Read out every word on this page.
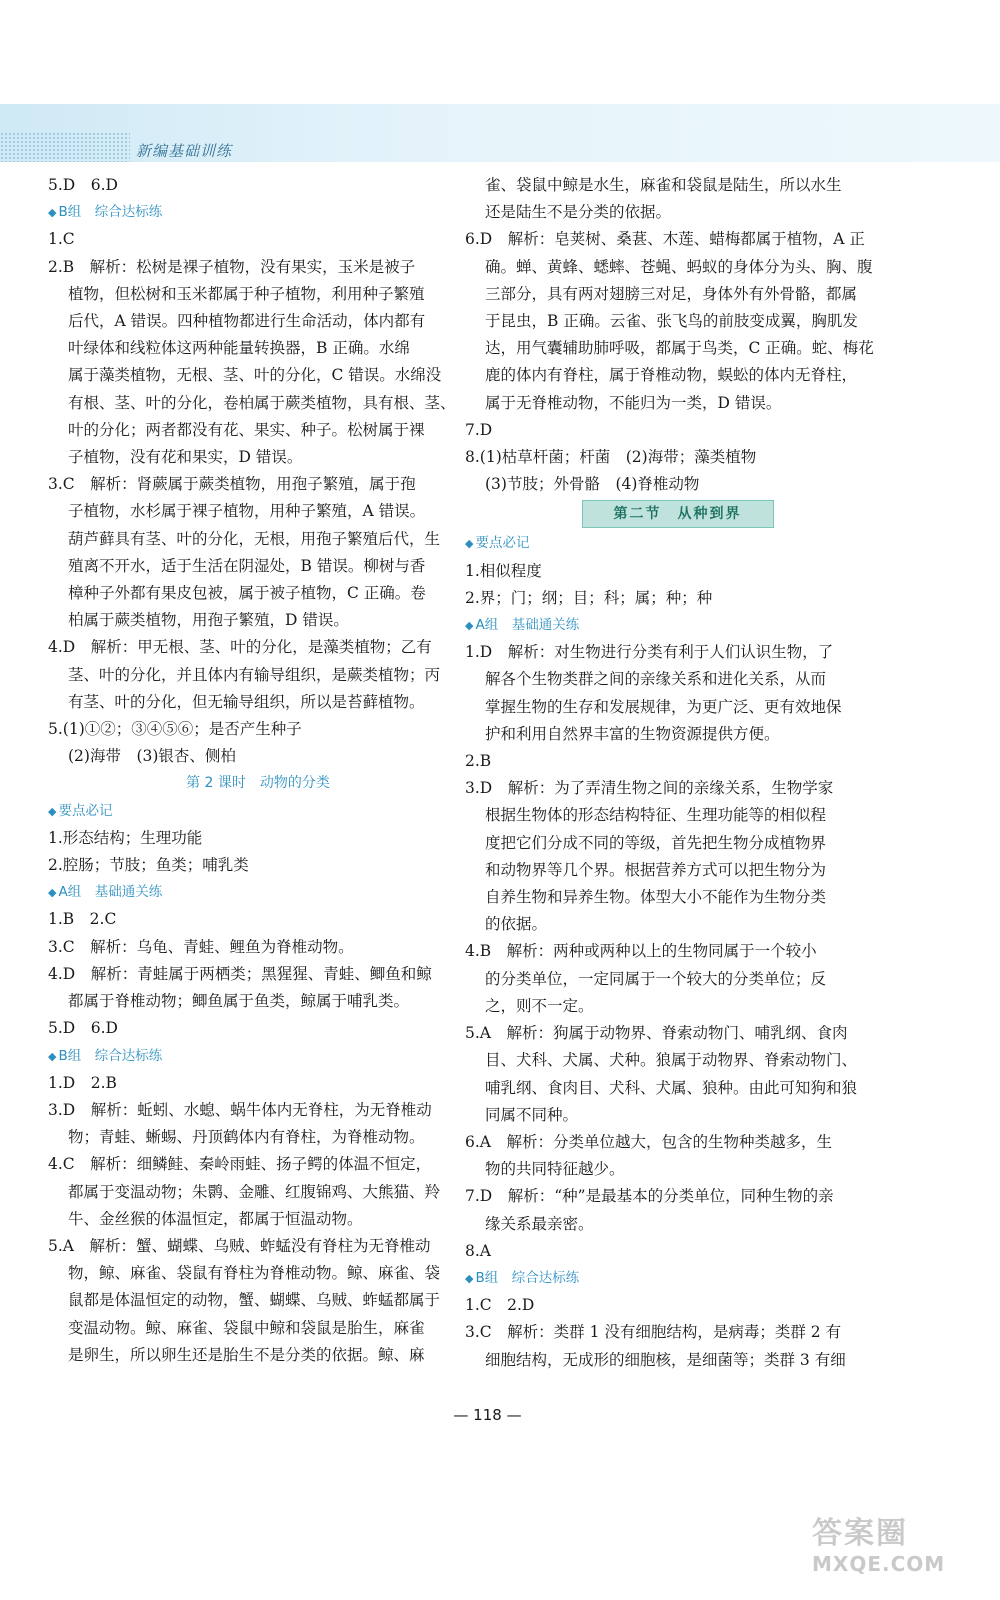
新编基础训练
5.D　6.D
◆ B组　综合达标练
1.C
2.B　解析：松树是裸子植物，没有果实，玉米是被子
植物，但松树和玉米都属于种子植物，利用种子繁殖
后代，A 错误。四种植物都进行生命活动，体内都有
叶绿体和线粒体这两种能量转换器，B 正确。水绵
属于藻类植物，无根、茎、叶的分化，C 错误。水绵没
有根、茎、叶的分化，卷柏属于蕨类植物，具有根、茎、
叶的分化；两者都没有花、果实、种子。松树属于裸
子植物，没有花和果实，D 错误。
3.C　解析：肾蕨属于蕨类植物，用孢子繁殖，属于孢
子植物，水杉属于裸子植物，用种子繁殖，A 错误。
葫芦藓具有茎、叶的分化，无根，用孢子繁殖后代，生
殖离不开水，适于生活在阴湿处，B 错误。柳树与香
樟种子外都有果皮包被，属于被子植物，C 正确。卷
柏属于蕨类植物，用孢子繁殖，D 错误。
4.D　解析：甲无根、茎、叶的分化，是藻类植物；乙有
茎、叶的分化，并且体内有输导组织，是蕨类植物；丙
有茎、叶的分化，但无输导组织，所以是苔藓植物。
5.(1)①②；③④⑤⑥；是否产生种子
(2)海带　(3)银杏、侧柏
第 2 课时　动物的分类
◆ 要点必记
1.形态结构；生理功能
2.腔肠；节肢；鱼类；哺乳类
◆ A组　基础通关练
1.B　2.C
3.C　解析：乌龟、青蛙、鲤鱼为脊椎动物。
4.D　解析：青蛙属于两栖类；黑猩猩、青蛙、鲫鱼和鲸
都属于脊椎动物；鲫鱼属于鱼类，鲸属于哺乳类。
5.D　6.D
◆ B组　综合达标练
1.D　2.B
3.D　解析：蚯蚓、水螅、蜗牛体内无脊柱，为无脊椎动
物；青蛙、蜥蜴、丹顶鹤体内有脊柱，为脊椎动物。
4.C　解析：细鳞鲑、秦岭雨蛙、扬子鳄的体温不恒定，
都属于变温动物；朱鹮、金雕、红腹锦鸡、大熊猫、羚
牛、金丝猴的体温恒定，都属于恒温动物。
5.A　解析：蟹、蝴蝶、乌贼、蚱蜢没有脊柱为无脊椎动
物，鲸、麻雀、袋鼠有脊柱为脊椎动物。鲸、麻雀、袋
鼠都是体温恒定的动物，蟹、蝴蝶、乌贼、蚱蜢都属于
变温动物。鲸、麻雀、袋鼠中鲸和袋鼠是胎生，麻雀
是卵生，所以卵生还是胎生不是分类的依据。鲸、麻
雀、袋鼠中鲸是水生，麻雀和袋鼠是陆生，所以水生
还是陆生不是分类的依据。
6.D　解析：皂荚树、桑葚、木莲、蜡梅都属于植物，A 正
确。蝉、黄蜂、蟋蟀、苍蝇、蚂蚁的身体分为头、胸、腹
三部分，具有两对翅膀三对足，身体外有外骨骼，都属
于昆虫，B 正确。云雀、张飞鸟的前肢变成翼，胸肌发
达，用气囊辅助肺呼吸，都属于鸟类，C 正确。蛇、梅花
鹿的体内有脊柱，属于脊椎动物，蜈蚣的体内无脊柱，
属于无脊椎动物，不能归为一类，D 错误。
7.D
8.(1)枯草杆菌；杆菌　(2)海带；藻类植物
(3)节肢；外骨骼　(4)脊椎动物
第二节　从种到界
◆ 要点必记
1.相似程度
2.界；门；纲；目；科；属；种；种
◆ A组　基础通关练
1.D　解析：对生物进行分类有利于人们认识生物，了
解各个生物类群之间的亲缘关系和进化关系，从而
掌握生物的生存和发展规律，为更广泛、更有效地保
护和利用自然界丰富的生物资源提供方便。
2.B
3.D　解析：为了弄清生物之间的亲缘关系，生物学家
根据生物体的形态结构特征、生理功能等的相似程
度把它们分成不同的等级，首先把生物分成植物界
和动物界等几个界。根据营养方式可以把生物分为
自养生物和异养生物。体型大小不能作为生物分类
的依据。
4.B　解析：两种或两种以上的生物同属于一个较小
的分类单位，一定同属于一个较大的分类单位；反
之，则不一定。
5.A　解析：狗属于动物界、脊索动物门、哺乳纲、食肉
目、犬科、犬属、犬种。狼属于动物界、脊索动物门、
哺乳纲、食肉目、犬科、犬属、狼种。由此可知狗和狼
同属不同种。
6.A　解析：分类单位越大，包含的生物种类越多，生
物的共同特征越少。
7.D　解析：“种”是最基本的分类单位，同种生物的亲
缘关系最亲密。
8.A
◆ B组　综合达标练
1.C　2.D
3.C　解析：类群 1 没有细胞结构，是病毒；类群 2 有
细胞结构，无成形的细胞核，是细菌等；类群 3 有细
— 118 —
答案圈
MXQE.COM
